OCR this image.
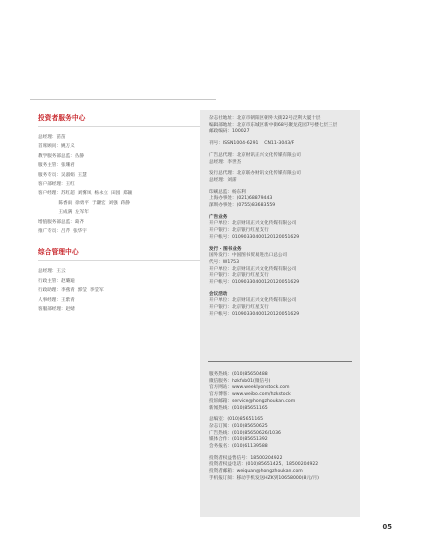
投资者服务中心
总经理：苗苗
首席顾问：姚万义
教学服务部总监：丛静
服务主管：张珊君
服务专员：吴淑娟  王慧
客户部经理：王红
客户经理：苏红超  刘雾凤  杨永立  田园  郑颖
陈香雨  徐勇平  于灏宏  刘强  蒋静
王成满  左军年
增值服务部总监：葛齐
推广专员：吕芹  张华宇
综合管理中心
总经理：王云
行政主管：赵璐迪
行政助理：李燕青  郭莹  李莹军
人事经理：王紫青
客服部经理：赵婧
杂志社地址：北京市朝阳区朝外大街22号泛利大厦十层
编辑部地址：北京市东城区新中街68号聚龙花园7号楼七层三层
邮政编码：100027
刊号：ISSN1004-6291    CN11-3043/F
广告总代理：北京财讯正兴文化传媒有限公司
总经理：李世杰
发行总代理：北京联办财讯文化传媒有限公司
总经理：刘霈
印刷总监：杨东利
上海办事处：(021)68879443
深圳办事处：(0755)83683559
广告业务
开户单位：北京财讯正兴文化传媒有限公司
开户银行：北京银行红星支行
开户帐号：01090330400120120051629
发行 · 图书业务
国外发行：中国图书贸易进出口总公司
代号：W1753
开户单位：北京财讯正兴文化传媒有限公司
开户银行：北京银行红星支行
开户帐号：01090330400120120051629
会议活动
开户单位：北京财讯正兴文化传媒有限公司
开户银行：北京银行红星支行
开户帐号：01090330400120120051629
服务热线：(010)85650488
微信服务：hzkfxb01(微信号)
官方网站：www.weeklyonstock.com
官方博客：www.weibo.com/hzkstock
投诉邮箱：service@hongzhoukan.com
新闻热线：(010)85651165
总编室：(010)85651165
杂志订阅：(010)85650625
广告热线：(010)85650626/1036
媒体合作：(010)85651392
会务报名：(010)61139588
投资者权益售信号：18500204922
投资者权益电话：(010)85651425、18500204922
投资者邮箱：weiquan@hongzhoukan.com
手机报订阅：移动手机发送HZK到10658000(8元/月)
05
